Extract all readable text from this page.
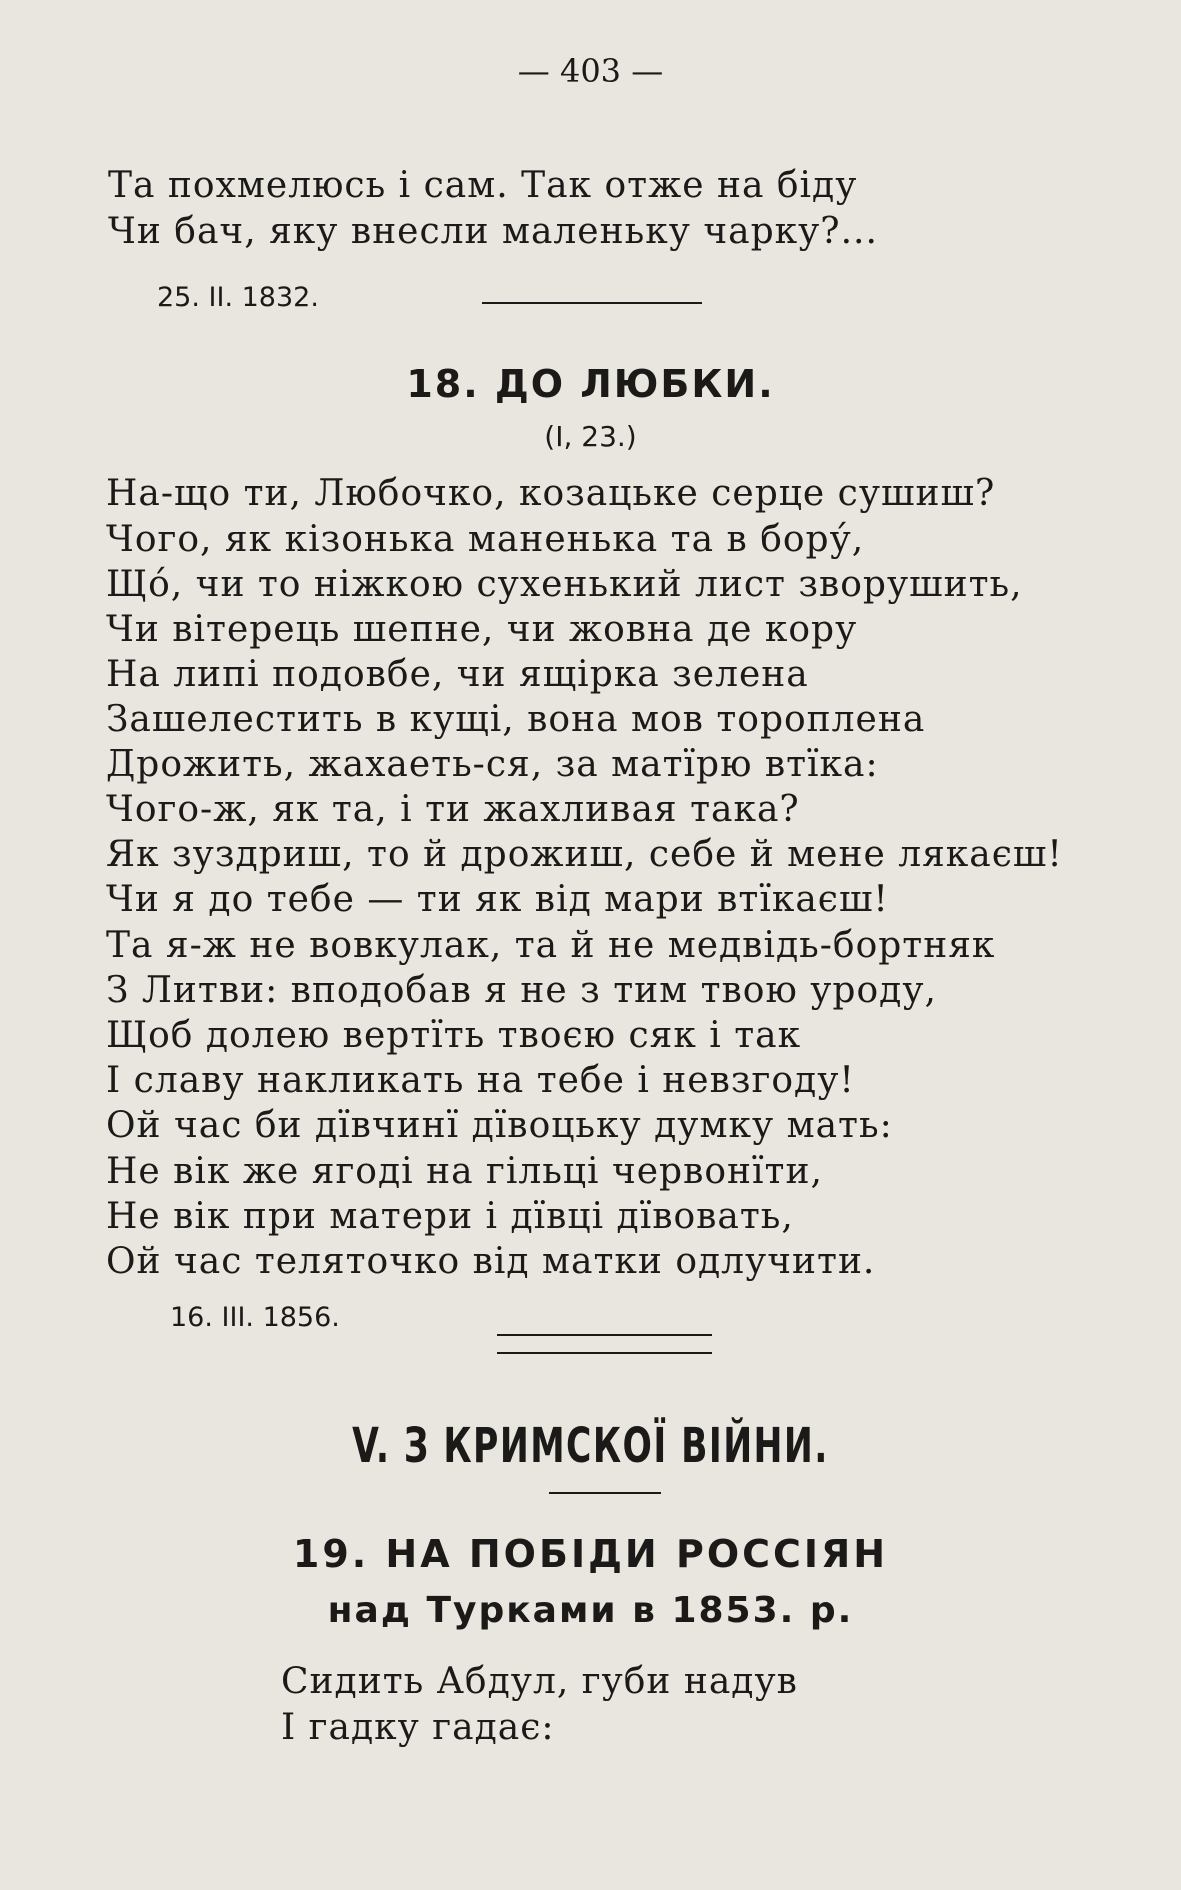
— 403 —
Та похмелюсь і сам. Так отже на біду
Чи бач, яку внесли маленьку чарку?...
25. II. 1832.
18. ДО ЛЮБКИ.
(І, 23.)
На-що ти, Любочко, козацьке серце сушиш?
Чого, як кізонька маненька та в бору́,
Що́, чи то ніжкою сухенький лист зворушить,
Чи вітерець шепне, чи жовна де кору
На липі подовбе, чи ящірка зелена
Зашелестить в кущі, вона мов тороплена
Дрожить, жахаеть-ся, за матїрю втїка:
Чого-ж, як та, і ти жахливая така?
Як зуздриш, то й дрожиш, себе й мене лякаєш!
Чи я до тебе — ти як від мари втїкаєш!
Та я-ж не вовкулак, та й не медвідь-бортняк
З Литви: вподобав я не з тим твою уроду,
Щоб долею вертїть твоєю сяк і так
І славу накликать на тебе і невзгоду!
Ой час би дївчинї дївоцьку думку мать:
Не вік же ягоді на гільці червонїти,
Не вік при матери і дївці дївовать,
Ой час теляточко від матки одлучити.
16. III. 1856.
V. З КРИМСКОЇ ВІЙНИ.
19. НА ПОБІДИ РОССІЯН
над Турками в 1853. р.
Сидить Абдул, губи надув
І гадку гадає:
